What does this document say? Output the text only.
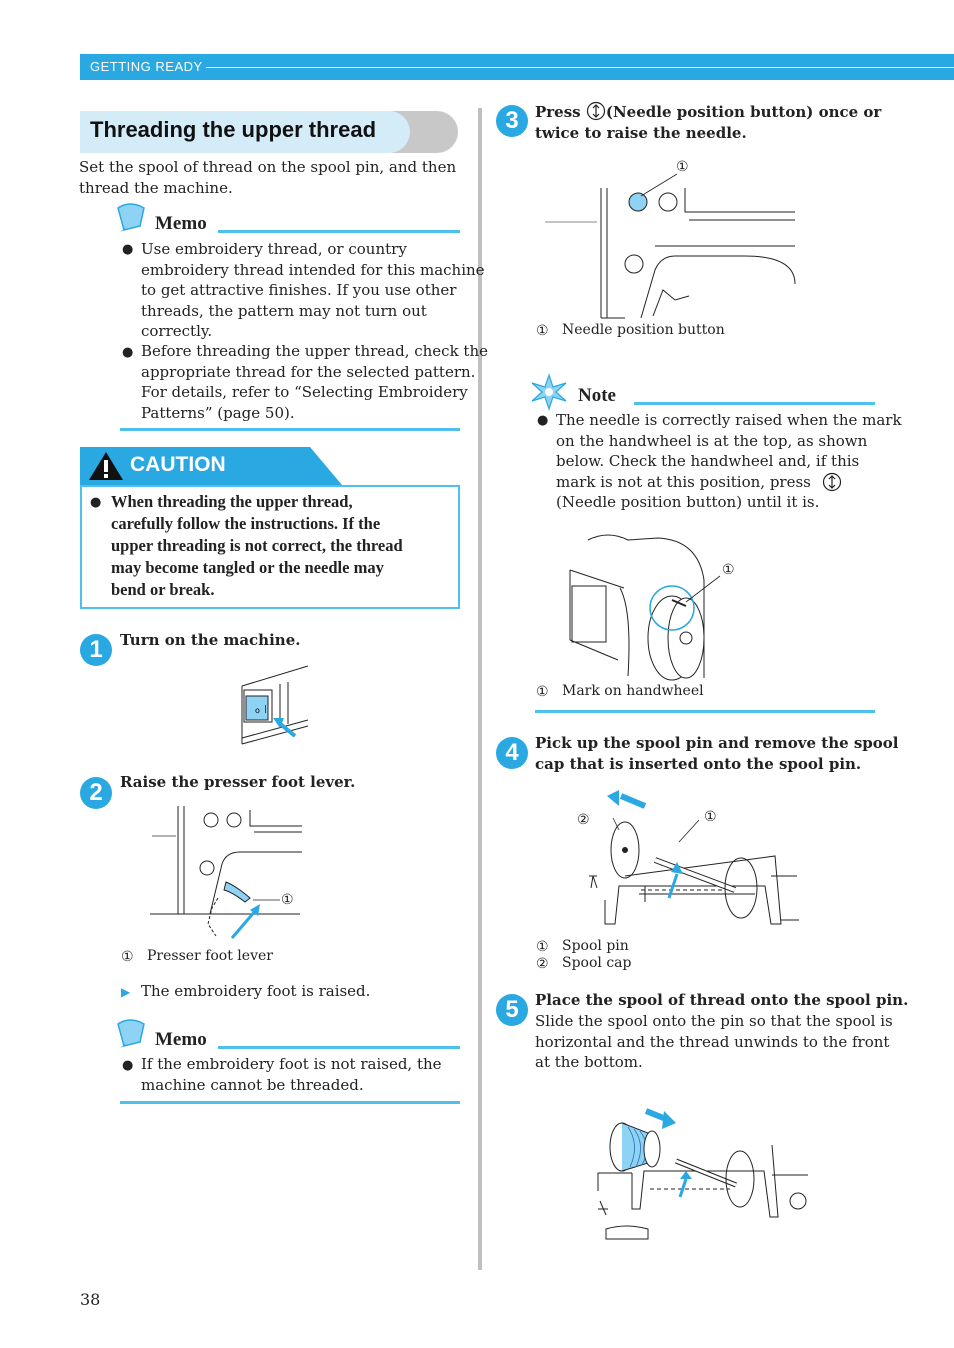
GETTING READY
Threading the upper thread
Set the spool of thread on the spool pin, and then
thread the machine.
Memo
● Use embroidery thread, or country
embroidery thread intended for this machine
to get attractive finishes. If you use other
threads, the pattern may not turn out
correctly.
● Before threading the upper thread, check the
appropriate thread for the selected pattern.
For details, refer to “Selecting Embroidery
Patterns” (page 50).
CAUTION
● When threading the upper thread,
carefully follow the instructions. If the
upper threading is not correct, the thread
may become tangled or the needle may
bend or break.
1	Turn on the machine.
o |
2	Raise the presser foot lever.
①
① Presser foot lever
▶ The embroidery foot is raised.
Memo
● If the embroidery foot is not raised, the
machine cannot be threaded.
3	Press (Needle position button) once or
twice to raise the needle.
①
① Needle position button
Note
● The needle is correctly raised when the mark
on the handwheel is at the top, as shown
below. Check the handwheel and, if this
mark is not at this position, press
(Needle position button) until it is.
①
① Mark on handwheel
4	Pick up the spool pin and remove the spool
cap that is inserted onto the spool pin.
②	①
① Spool pin
② Spool cap
5	Place the spool of thread onto the spool pin.
Slide the spool onto the pin so that the spool is
horizontal and the thread unwinds to the front
at the bottom.
38
